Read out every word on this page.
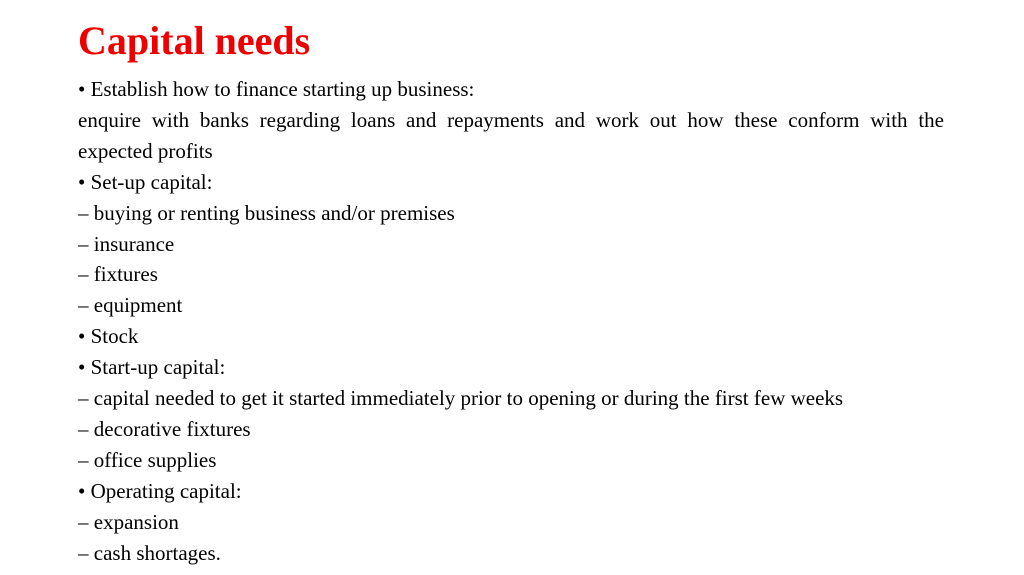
Capital needs

• Establish how to finance starting up business:

enquire with banks regarding loans and repayments and work out how these conform with the expected profits

• Set-up capital:

– buying or renting business and/or premises

– insurance

– fixtures

– equipment

• Stock

• Start-up capital:

– capital needed to get it started immediately prior to opening or during the first few weeks

– decorative fixtures

– office supplies

• Operating capital:

– expansion

– cash shortages.
